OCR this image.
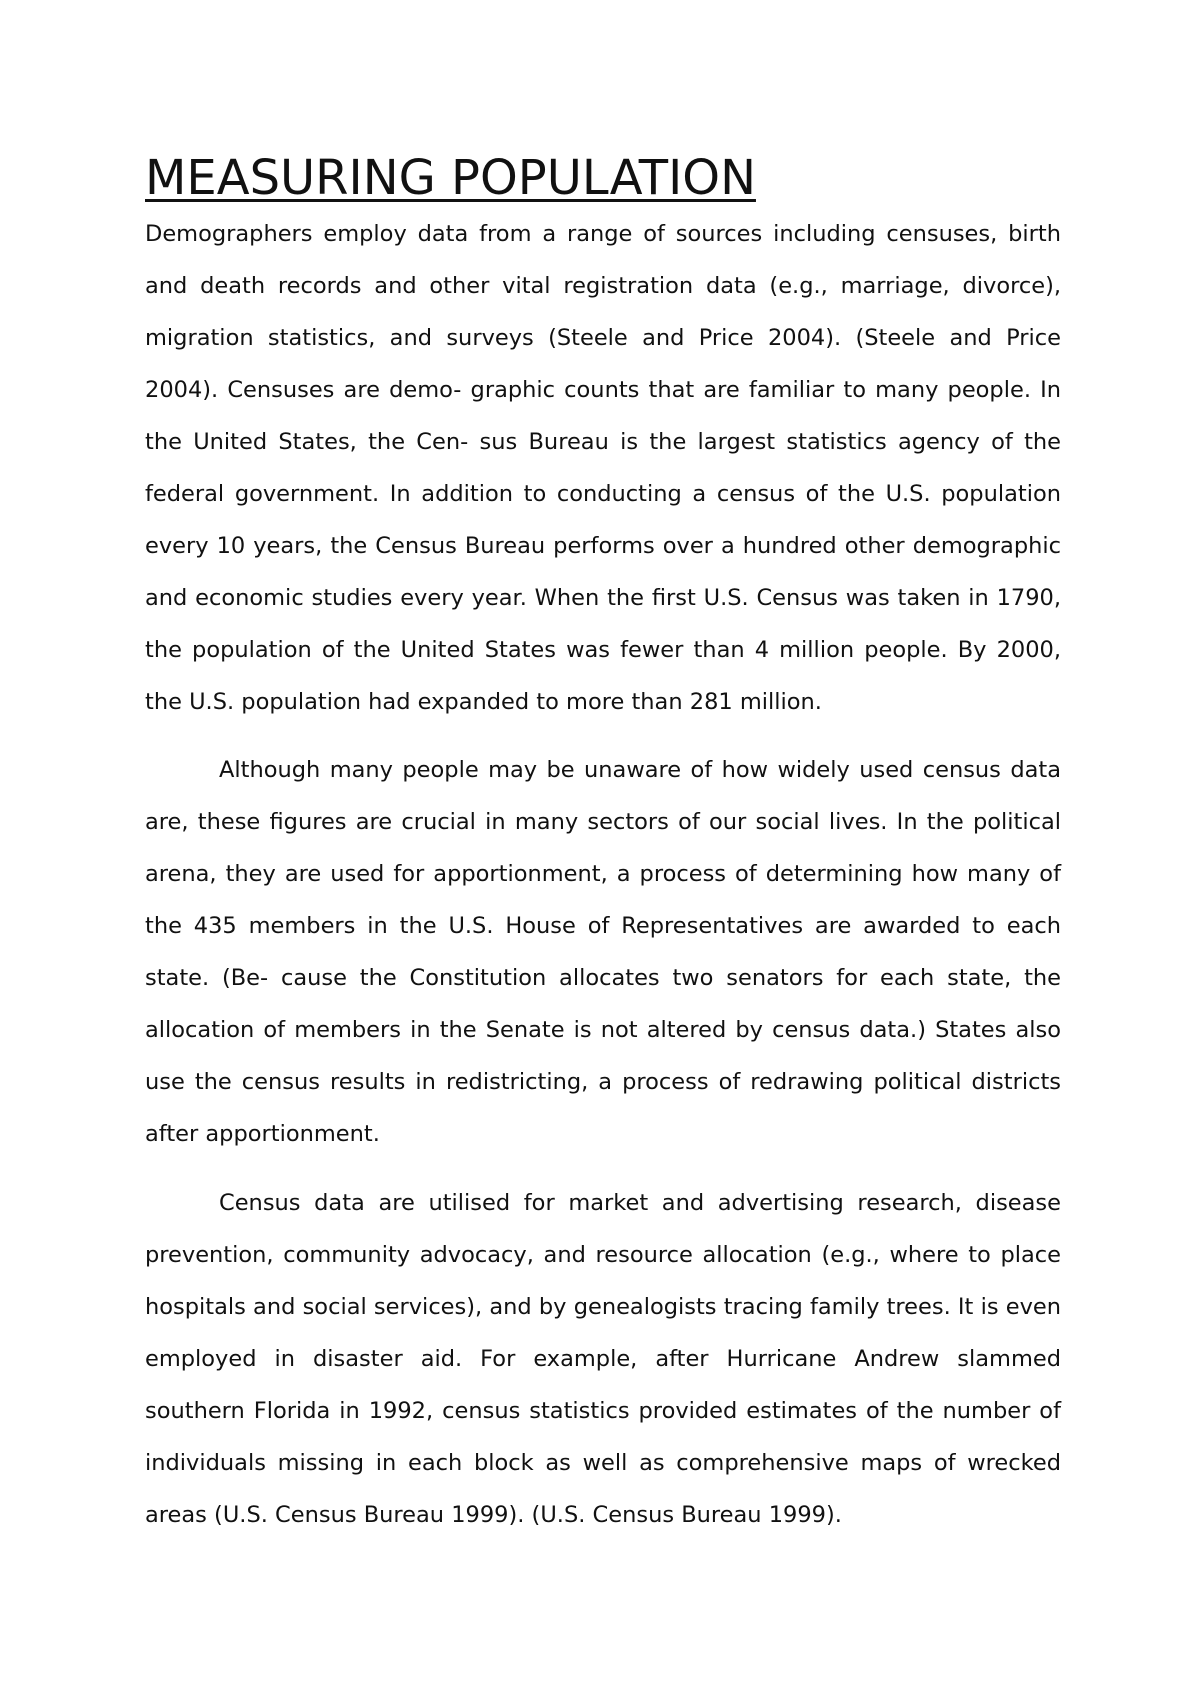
MEASURING POPULATION

Demographers employ data from a range of sources including censuses, birth and death records and other vital registration data (e.g., marriage, divorce), migration statistics, and surveys (Steele and Price 2004). (Steele and Price 2004). Censuses are demo- graphic counts that are familiar to many people. In the United States, the Cen- sus Bureau is the largest statistics agency of the federal government. In addition to conducting a census of the U.S. population every 10 years, the Census Bureau performs over a hundred other demographic and economic studies every year. When the first U.S. Census was taken in 1790, the population of the United States was fewer than 4 million people. By 2000, the U.S. population had expanded to more than 281 million.

Although many people may be unaware of how widely used census data are, these figures are crucial in many sectors of our social lives. In the political arena, they are used for apportionment, a process of determining how many of the 435 members in the U.S. House of Representatives are awarded to each state. (Be- cause the Constitution allocates two senators for each state, the allocation of members in the Senate is not altered by census data.) States also use the census results in redistricting, a process of redrawing political districts after apportionment.

Census data are utilised for market and advertising research, disease prevention, community advocacy, and resource allocation (e.g., where to place hospitals and social services), and by genealogists tracing family trees. It is even employed in disaster aid. For example, after Hurricane Andrew slammed southern Florida in 1992, census statistics provided estimates of the number of individuals missing in each block as well as comprehensive maps of wrecked areas (U.S. Census Bureau 1999). (U.S. Census Bureau 1999).
